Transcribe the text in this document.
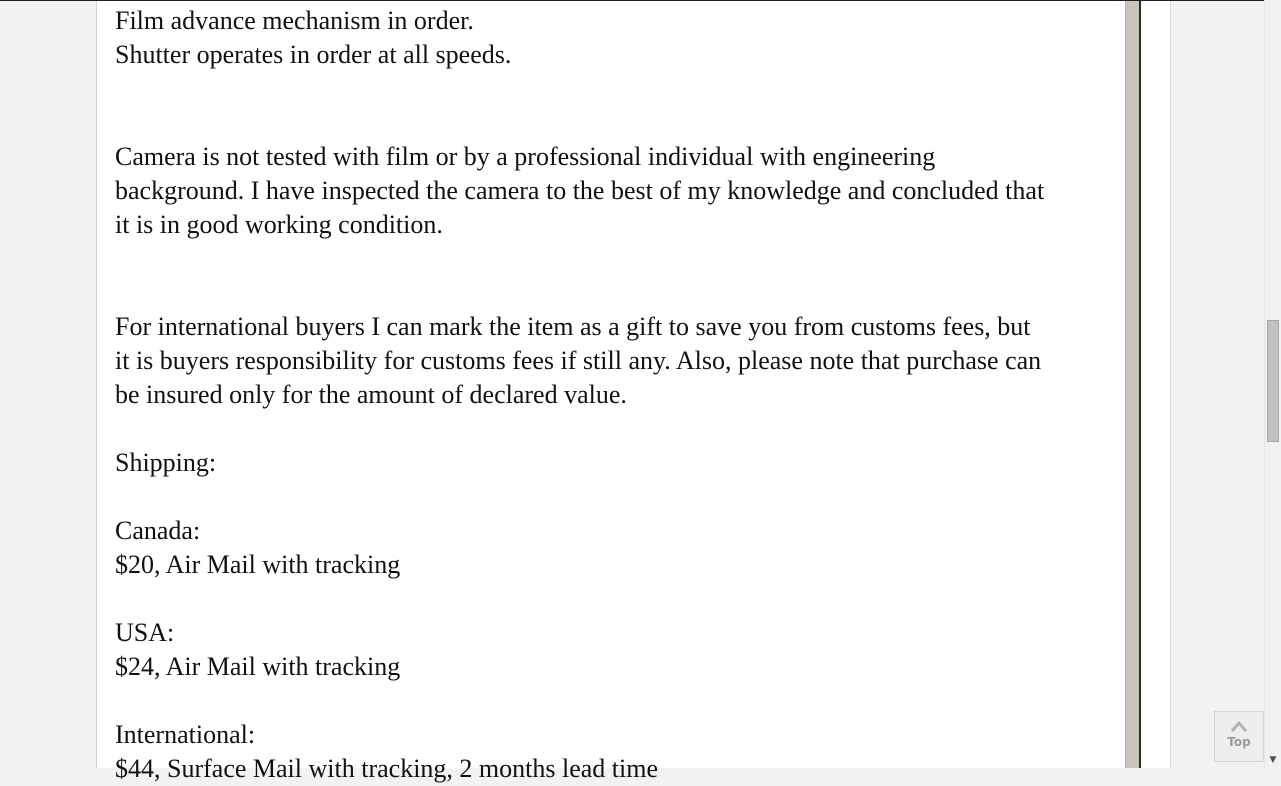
Film advance mechanism in order.
Shutter operates in order at all speeds.
Camera is not tested with film or by a professional individual with engineering
background. I have inspected the camera to the best of my knowledge and concluded that
it is in good working condition.
For international buyers I can mark the item as a gift to save you from customs fees, but
it is buyers responsibility for customs fees if still any. Also, please note that purchase can
be insured only for the amount of declared value.
Shipping:
Canada:
$20, Air Mail with tracking
USA:
$24, Air Mail with tracking
International:
$44, Surface Mail with tracking, 2 months lead time	▼
Top
